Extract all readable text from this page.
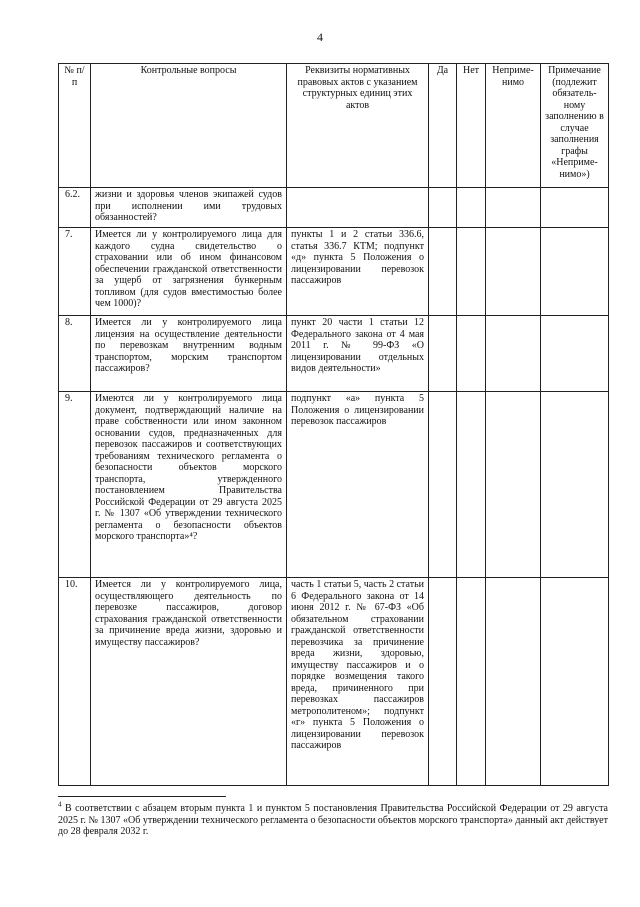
4
№ п/п	Контрольные вопросы	Реквизиты нормативных правовых актов с указанием структурных единиц этих актов	Да	Нет	Неприме-нимо	Примечание (подлежит обязатель-ному заполнению в случае заполнения графы «Неприме-нимо»)
6.2.	жизни и здоровья членов экипажей судов при исполнении ими трудовых обязанностей?					
7.	Имеется ли у контролируемого лица для каждого судна свидетельство о страховании или об ином финансовом обеспечении гражданской ответственности за ущерб от загрязнения бункерным топливом (для судов вместимостью более чем 1000)?	пункты 1 и 2 статьи 336.6, статья 336.7 КТМ; подпункт «д» пункта 5 Положения о лицензировании перевозок пассажиров				
8.	Имеется ли у контролируемого лица лицензия на осуществление деятельности по перевозкам внутренним водным транспортом, морским транспортом пассажиров?	пункт 20 части 1 статьи 12 Федерального закона от 4 мая 2011 г. № 99-ФЗ «О лицензировании отдельных видов деятельности»				
9.	Имеются ли у контролируемого лица документ, подтверждающий наличие на праве собственности или ином законном основании судов, предназначенных для перевозок пассажиров и соответствующих требованиям технического регламента о безопасности объектов морского транспорта, утвержденного постановлением Правительства Российской Федерации от 29 августа 2025 г. № 1307 «Об утверждении технического регламента о безопасности объектов морского транспорта»⁴?	подпункт «а» пункта 5 Положения о лицензировании перевозок пассажиров				
10.	Имеется ли у контролируемого лица, осуществляющего деятельность по перевозке пассажиров, договор страхования гражданской ответственности за причинение вреда жизни, здоровью и имуществу пассажиров?	часть 1 статьи 5, часть 2 статьи 6 Федерального закона от 14 июня 2012 г. № 67-ФЗ «Об обязательном страховании гражданской ответственности перевозчика за причинение вреда жизни, здоровью, имуществу пассажиров и о порядке возмещения такого вреда, причиненного при перевозках пассажиров метрополитеном»; подпункт «г» пункта 5 Положения о лицензировании перевозок пассажиров				
$^4$ В соответствии с абзацем вторым пункта 1 и пунктом 5 постановления Правительства Российской Федерации от 29 августа 2025 г. № 1307 «Об утверждении технического регламента о безопасности объектов морского транспорта» данный акт действует до 28 февраля 2032 г.
